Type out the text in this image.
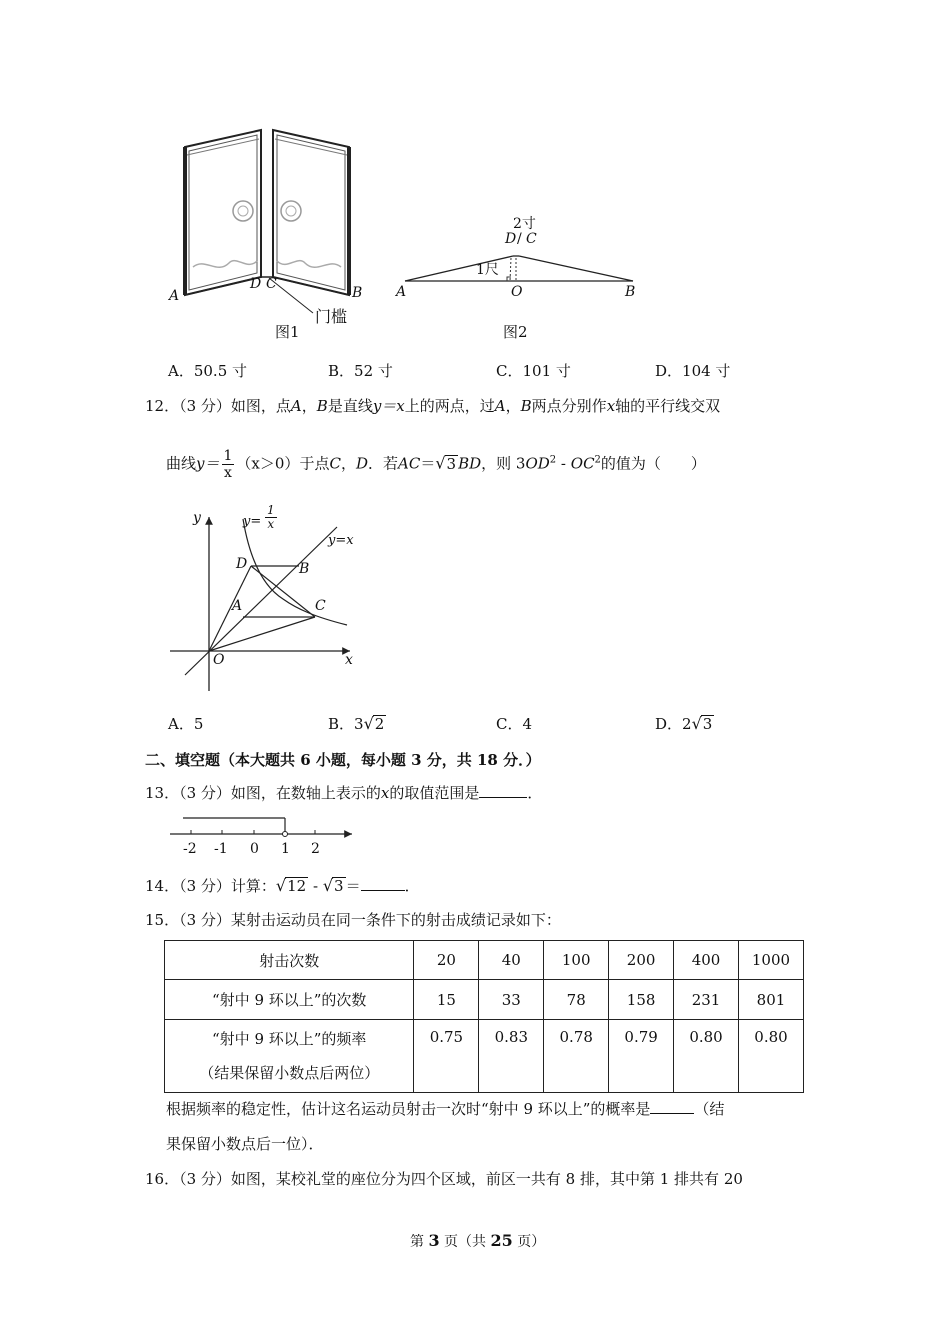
A	B
D C
门槛
图1
2寸
D / C
1尺
A	O	B
图2
A．50.5 寸	B．52 寸	C．101 寸	D．104 寸
12．（3 分）如图，点A，B是直线y＝x上的两点，过A，B两点分别作x轴的平行线交双
曲线$y= \frac{1}{x} (x>0)$于点C，D．若AC＝√3 BD，则 $3OD^2 - OC^2$的值为（　　）
y	$y= \frac{1}{x}$
y=x
D	B
A	C
O	x
A．5	B．3√2	C．4	D．2√3
二、填空题（本大题共 6 小题，每小题 3 分，共 18 分．）
13．（3 分）如图，在数轴上表示的x的取值范围是	．
-2 -1 0 1 2
14．（3 分）计算：√12 - √3 ＝	．
15．（3 分）某射击运动员在同一条件下的射击成绩记录如下：
射击次数	20	40	100	200	400	1000
“射中 9 环以上”的次数	15	33	78	158	231	801

“射中 9 环以上”的频率
（结果保留小数点后两位）	0.75	0.83	0.78	0.79	0.80	0.80
根据频率的稳定性，估计这名运动员射击一次时“射中 9 环以上”的概率是	（结
果保留小数点后一位）．
16．（3 分）如图，某校礼堂的座位分为四个区域，前区一共有 8 排，其中第 1 排共有 20
第 3 页（共 25 页）
